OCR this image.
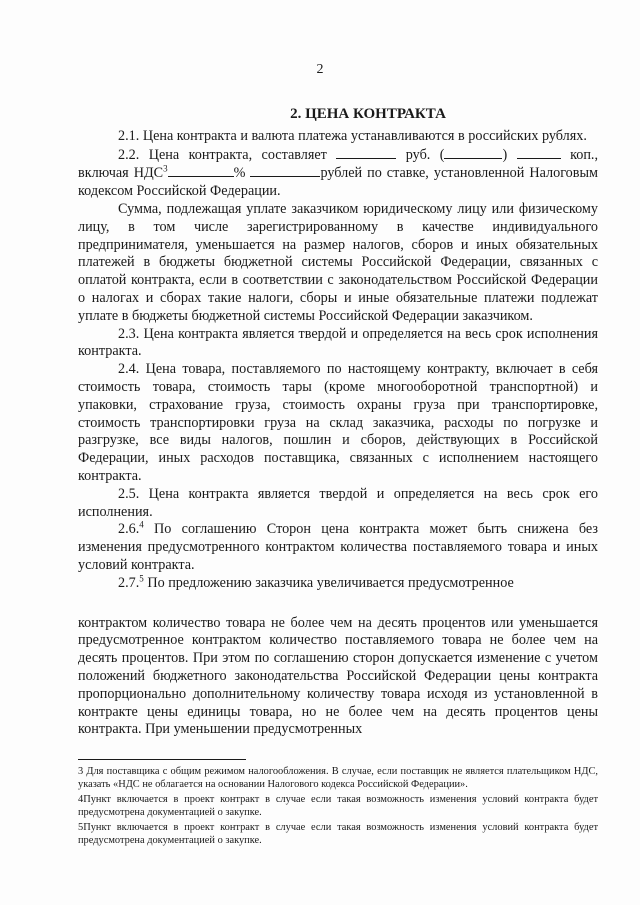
2
2. ЦЕНА КОНТРАКТА

2.1. Цена контракта и валюта платежа устанавливаются в российских рублях.

2.2. Цена контракта, составляет	руб. (	)	коп., включая НДС$^3$	%	рублей по ставке, установленной Налоговым кодексом Российской Федерации.

Сумма, подлежащая уплате заказчиком юридическому лицу или физическому лицу, в том числе зарегистрированному в качестве индивидуального предпринимателя, уменьшается на размер налогов, сборов и иных обязательных платежей в бюджеты бюджетной системы Российской Федерации, связанных с оплатой контракта, если в соответствии с законодательством Российской Федерации о налогах и сборах такие налоги, сборы и иные обязательные платежи подлежат уплате в бюджеты бюджетной системы Российской Федерации заказчиком.

2.3. Цена контракта является твердой и определяется на весь срок исполнения контракта.

2.4. Цена товара, поставляемого по настоящему контракту, включает в себя стоимость товара, стоимость тары (кроме многооборотной транспортной) и упаковки, страхование груза, стоимость охраны груза при транспортировке, стоимость транспортировки груза на склад заказчика, расходы по погрузке и разгрузке, все виды налогов, пошлин и сборов, действующих в Российской Федерации, иных расходов поставщика, связанных с исполнением настоящего контракта.

2.5. Цена контракта является твердой и определяется на весь срок его исполнения.

2.6.$^4$ По соглашению Сторон цена контракта может быть снижена без изменения предусмотренного контрактом количества поставляемого товара и иных условий контракта.

2.7.$^5$ По предложению заказчика увеличивается предусмотренное

контрактом количество товара не более чем на десять процентов или уменьшается предусмотренное контрактом количество поставляемого товара не более чем на десять процентов. При этом по соглашению сторон допускается изменение с учетом положений бюджетного законодательства Российской Федерации цены контракта пропорционально дополнительному количеству товара исходя из установленной в контракте цены единицы товара, но не более чем на десять процентов цены контракта. При уменьшении предусмотренных

3 Для поставщика с общим режимом налогообложения. В случае, если поставщик не является плательщиком НДС, указать «НДС не облагается на основании Налогового кодекса Российской Федерации».

4Пункт включается в проект контракт в случае если такая возможность изменения условий контракта будет предусмотрена документацией о закупке.

5Пункт включается в проект контракт в случае если такая возможность изменения условий контракта будет предусмотрена документацией о закупке.
